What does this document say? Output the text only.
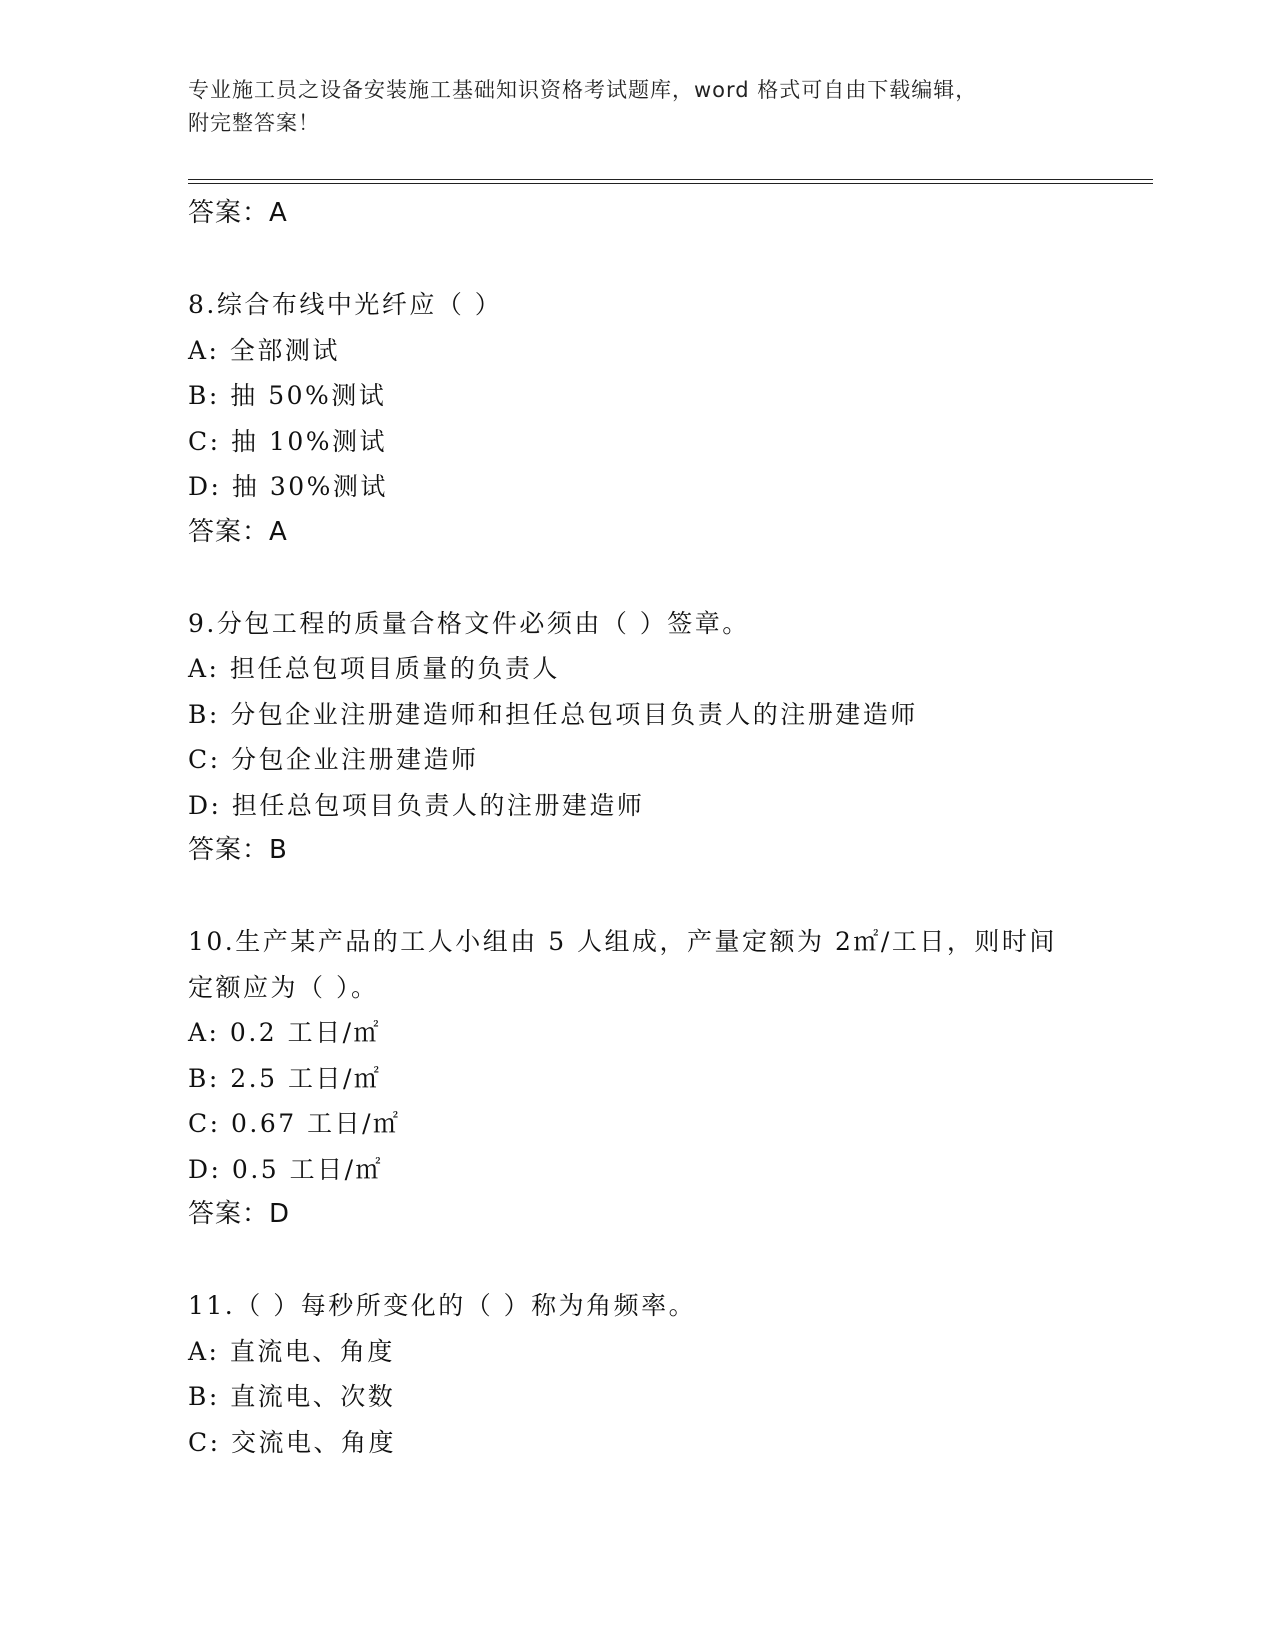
专业施工员之设备安装施工基础知识资格考试题库，word 格式可自由下载编辑，
附完整答案！
答案：A
8.综合布线中光纤应（ ）
A: 全部测试
B: 抽 50%测试
C: 抽 10%测试
D: 抽 30%测试
答案：A
9.分包工程的质量合格文件必须由（ ）签章。
A: 担任总包项目质量的负责人
B: 分包企业注册建造师和担任总包项目负责人的注册建造师
C: 分包企业注册建造师
D: 担任总包项目负责人的注册建造师
答案：B
10.生产某产品的工人小组由 5 人组成，产量定额为 2㎡/工日，则时间
定额应为（ ）。
A: 0.2 工日/㎡
B: 2.5 工日/㎡
C: 0.67 工日/㎡
D: 0.5 工日/㎡
答案：D
11.（ ）每秒所变化的（ ）称为角频率。
A: 直流电、角度
B: 直流电、次数
C: 交流电、角度
